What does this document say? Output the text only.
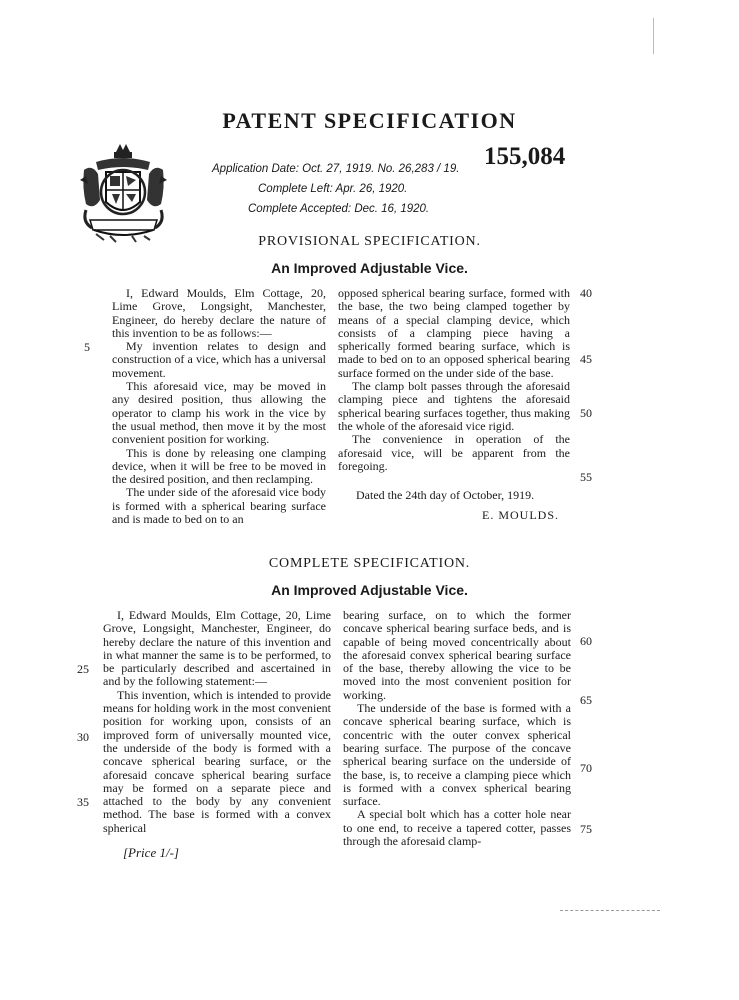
PATENT SPECIFICATION
155,084
Application Date: Oct. 27, 1919. No. 26,283 / 19.
Complete Left: Apr. 26, 1920.
Complete Accepted: Dec. 16, 1920.
PROVISIONAL SPECIFICATION.
An Improved Adjustable Vice.

I, Edward Moulds, Elm Cottage, 20, Lime Grove, Longsight, Manchester, Engineer, do hereby declare the nature of this invention to be as follows:—

My invention relates to design and construction of a vice, which has a universal movement.

This aforesaid vice, may be moved in any desired position, thus allowing the operator to clamp his work in the vice by the usual method, then move it by the most convenient position for working.

This is done by releasing one clamping device, when it will be free to be moved in the desired position, and then reclamping.

The under side of the aforesaid vice body is formed with a spherical bearing surface and is made to bed on to an

5

opposed spherical bearing surface, formed with the base, the two being clamped together by means of a special clamping device, which consists of a clamping piece having a spherically formed bearing surface, which is made to bed on to an opposed spherical bearing surface formed on the under side of the base.

The clamp bolt passes through the aforesaid clamping piece and tightens the aforesaid spherical bearing surfaces together, thus making the whole of the aforesaid vice rigid.

The convenience in operation of the aforesaid vice, will be apparent from the foregoing.

40
45
50
55
Dated the 24th day of October, 1919.
E. MOULDS.
COMPLETE SPECIFICATION.
An Improved Adjustable Vice.

I, Edward Moulds, Elm Cottage, 20, Lime Grove, Longsight, Manchester, Engineer, do hereby declare the nature of this invention and in what manner the same is to be performed, to be particularly described and ascertained in and by the following statement:—

This invention, which is intended to provide means for holding work in the most convenient position for working upon, consists of an improved form of universally mounted vice, the underside of the body is formed with a concave spherical bearing surface, or the aforesaid concave spherical bearing surface may be formed on a separate piece and attached to the body by any convenient method. The base is formed with a convex spherical

25
30
35

bearing surface, on to which the former concave spherical bearing surface beds, and is capable of being moved concentrically about the aforesaid convex spherical bearing surface of the base, thereby allowing the vice to be moved into the most convenient position for working.

The underside of the base is formed with a concave spherical bearing surface, which is concentric with the outer convex spherical bearing surface. The purpose of the concave spherical bearing surface on the underside of the base, is, to receive a clamping piece which is formed with a convex spherical bearing surface.

A special bolt which has a cotter hole near to one end, to receive a tapered cotter, passes through the aforesaid clamp-

60
65
70
75
[Price 1/-]
